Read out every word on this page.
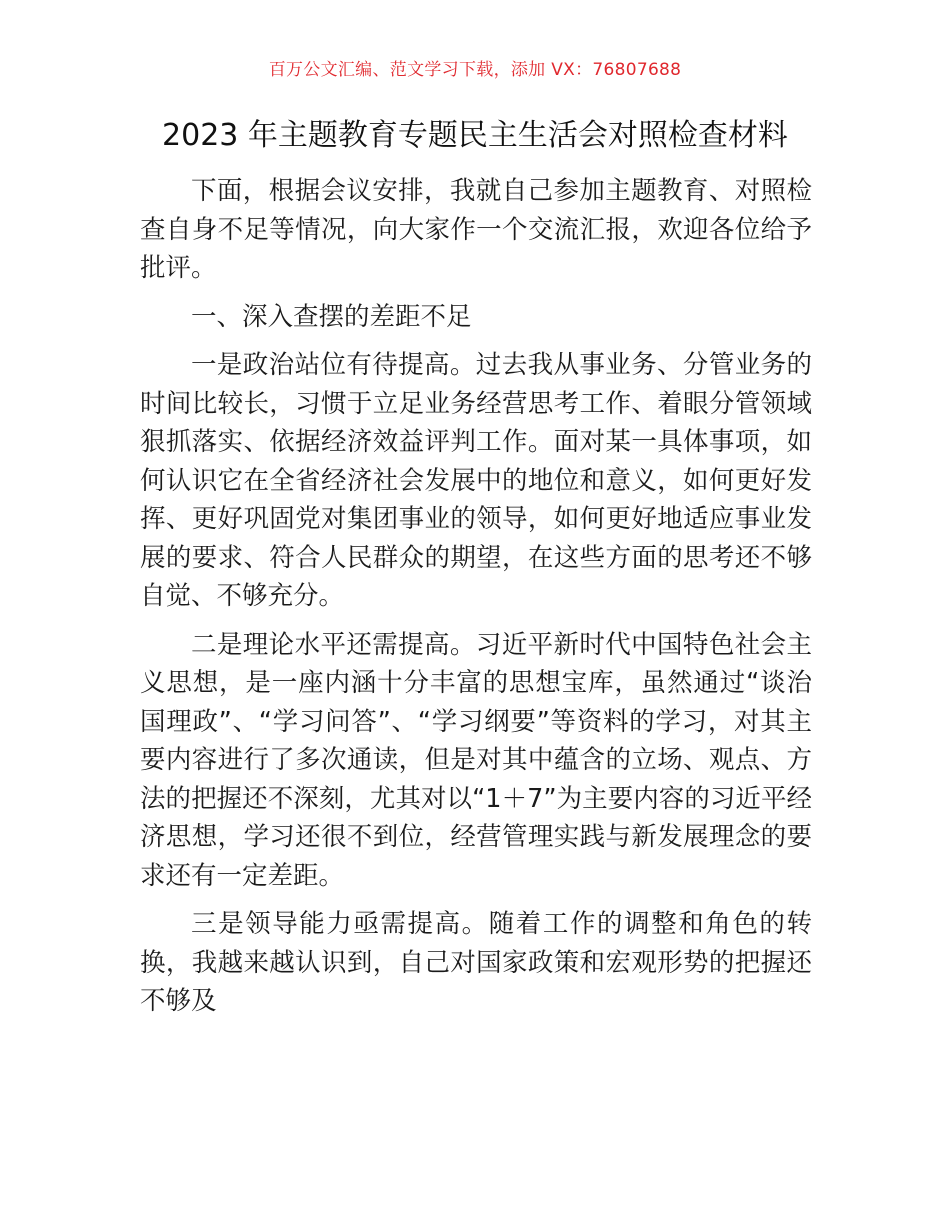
百万公文汇编、范文学习下载，添加 VX：76807688
2023 年主题教育专题民主生活会对照检查材料

下面，根据会议安排，我就自己参加主题教育、对照检查自身不足等情况，向大家作一个交流汇报，欢迎各位给予批评。

一、深入查摆的差距不足

一是政治站位有待提高。过去我从事业务、分管业务的时间比较长，习惯于立足业务经营思考工作、着眼分管领域狠抓落实、依据经济效益评判工作。面对某一具体事项，如何认识它在全省经济社会发展中的地位和意义，如何更好发挥、更好巩固党对集团事业的领导，如何更好地适应事业发展的要求、符合人民群众的期望，在这些方面的思考还不够自觉、不够充分。

二是理论水平还需提高。习近平新时代中国特色社会主义思想，是一座内涵十分丰富的思想宝库，虽然通过“谈治国理政”、“学习问答”、“学习纲要”等资料的学习，对其主要内容进行了多次通读，但是对其中蕴含的立场、观点、方法的把握还不深刻，尤其对以“1＋7”为主要内容的习近平经济思想，学习还很不到位，经营管理实践与新发展理念的要求还有一定差距。

三是领导能力亟需提高。随着工作的调整和角色的转换，我越来越认识到，自己对国家政策和宏观形势的把握还不够及
